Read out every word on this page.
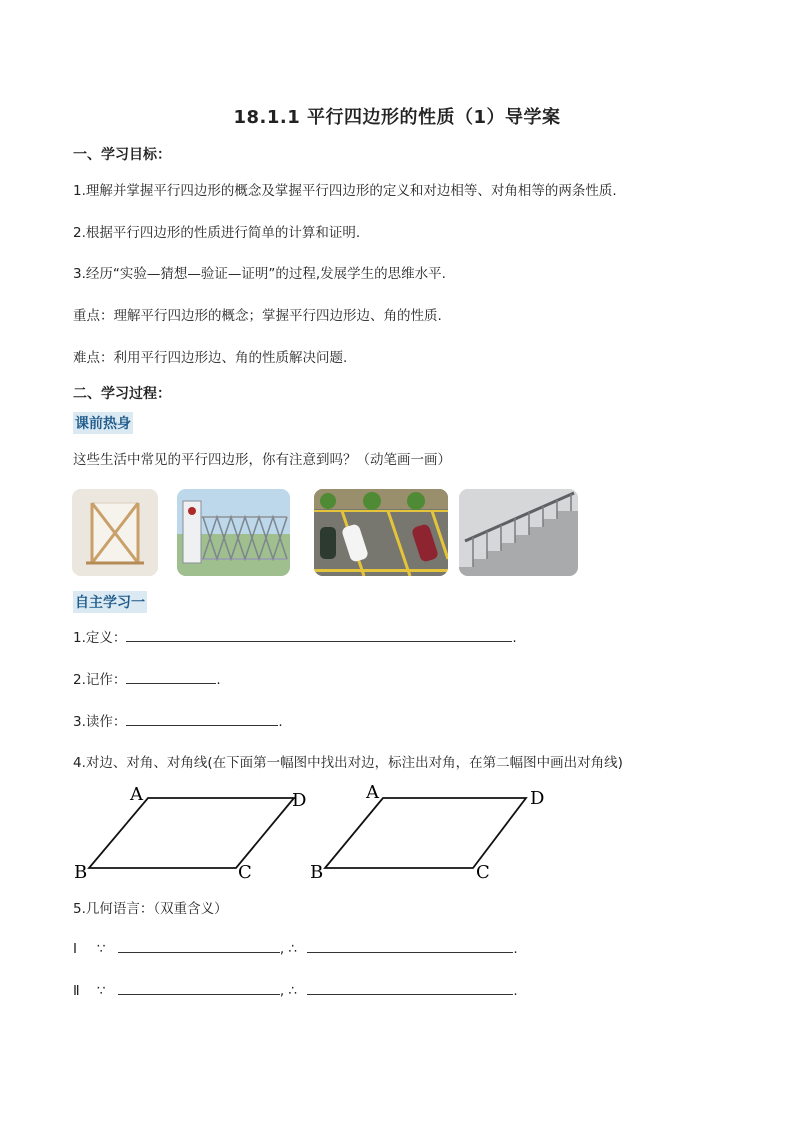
18.1.1 平行四边形的性质（1）导学案
一、学习目标：
1.理解并掌握平行四边形的概念及掌握平行四边形的定义和对边相等、对角相等的两条性质.
2.根据平行四边形的性质进行简单的计算和证明.
3.经历“实验—猜想—验证—证明”的过程,发展学生的思维水平.
重点：理解平行四边形的概念；掌握平行四边形边、角的性质.
难点：利用平行四边形边、角的性质解决问题.
二、学习过程：
课前热身
这些生活中常见的平行四边形，你有注意到吗？（动笔画一画）
自主学习一
1.定义：	.
2.记作：	.
3.读作：	.
4.对边、对角、对角线(在下面第一幅图中找出对边，标注出对角，在第二幅图中画出对角线)
A	D
B	C
A	D
B	C
5.几何语言：（双重含义）
Ⅰ ∵	, ∴	.
Ⅱ ∵	, ∴	.
